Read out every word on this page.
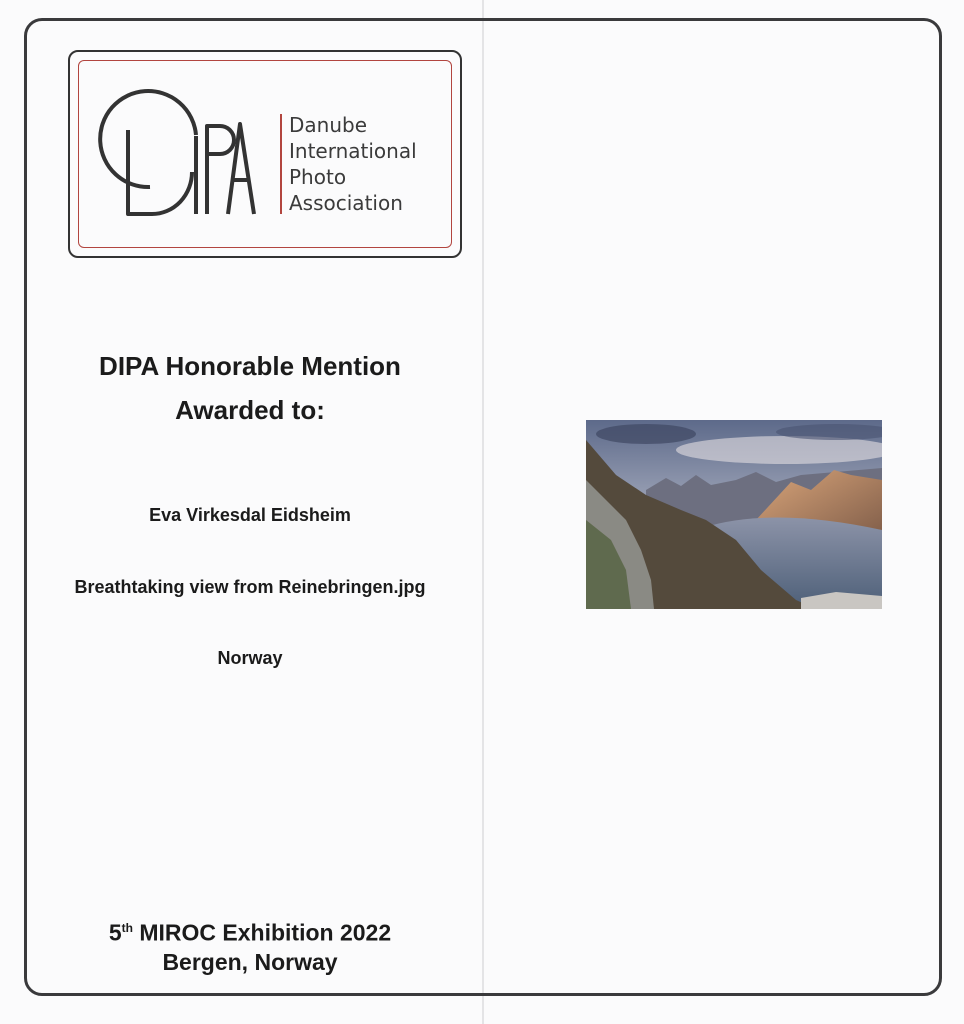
Danube
International
Photo
Association
DIPA Honorable Mention
Awarded to:
Eva Virkesdal Eidsheim
Breathtaking view from Reinebringen.jpg
Norway
5th MIROC Exhibition 2022
Bergen, Norway
